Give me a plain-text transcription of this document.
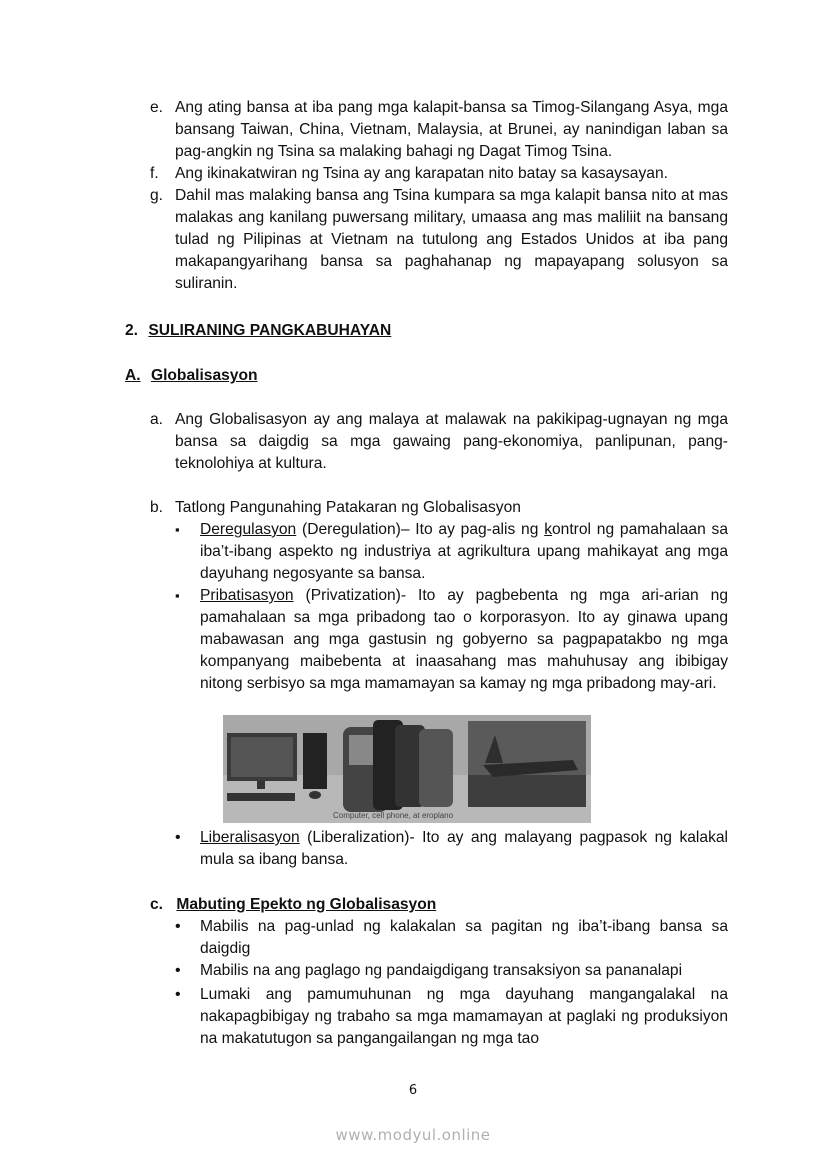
e. Ang ating bansa at iba pang mga kalapit-bansa sa Timog-Silangang Asya, mga bansang Taiwan, China, Vietnam, Malaysia, at Brunei, ay nanindigan laban sa pag-angkin ng Tsina sa malaking bahagi ng Dagat Timog Tsina.
f.	Ang ikinakatwiran ng Tsina ay ang karapatan nito batay sa kasaysayan.
g. Dahil mas malaking bansa ang Tsina kumpara sa mga kalapit bansa nito at mas malakas ang kanilang puwersang military, umaasa ang mas maliliit na bansang tulad ng Pilipinas at Vietnam na tutulong ang Estados Unidos at iba pang makapangyarihang bansa sa paghahanap ng mapayapang solusyon sa suliranin.
2. SULIRANING PANGKABUHAYAN
A. Globalisasyon
a. Ang Globalisasyon ay ang malaya at malawak na pakikipag-ugnayan ng mga bansa sa daigdig sa mga gawaing pang-ekonomiya, panlipunan, pang-teknolohiya at kultura.
b. Tatlong Pangunahing Patakaran ng Globalisasyon
▪	Deregulasyon (Deregulation)– Ito ay pag-alis ng kontrol ng pamahalaan sa iba’t-ibang aspekto ng industriya at agrikultura upang mahikayat ang mga dayuhang negosyante sa bansa.
▪	Pribatisasyon (Privatization)- Ito ay pagbebenta ng mga ari-arian ng pamahalaan sa mga pribadong tao o korporasyon. Ito ay ginawa upang mabawasan ang mga gastusin ng gobyerno sa pagpapatakbo ng mga kompanyang maibebenta at inaasahang mas mahuhusay ang ibibigay nitong serbisyo sa mga mamamayan sa kamay ng mga pribadong may-ari.
Computer, cell phone, at eroplano
•	Liberalisasyon (Liberalization)- Ito ay ang malayang pagpasok ng kalakal mula sa ibang bansa.
c. Mabuting Epekto ng Globalisasyon
•	Mabilis na pag-unlad ng kalakalan sa pagitan ng iba’t-ibang bansa sa daigdig
•	Mabilis na ang paglago ng pandaigdigang transaksiyon sa pananalapi
•	Lumaki ang pamumuhunan ng mga dayuhang mangangalakal na nakapagbibigay ng trabaho sa mga mamamayan at paglaki ng produksiyon na makatutugon sa pangangailangan ng mga tao
6
www.modyul.online
